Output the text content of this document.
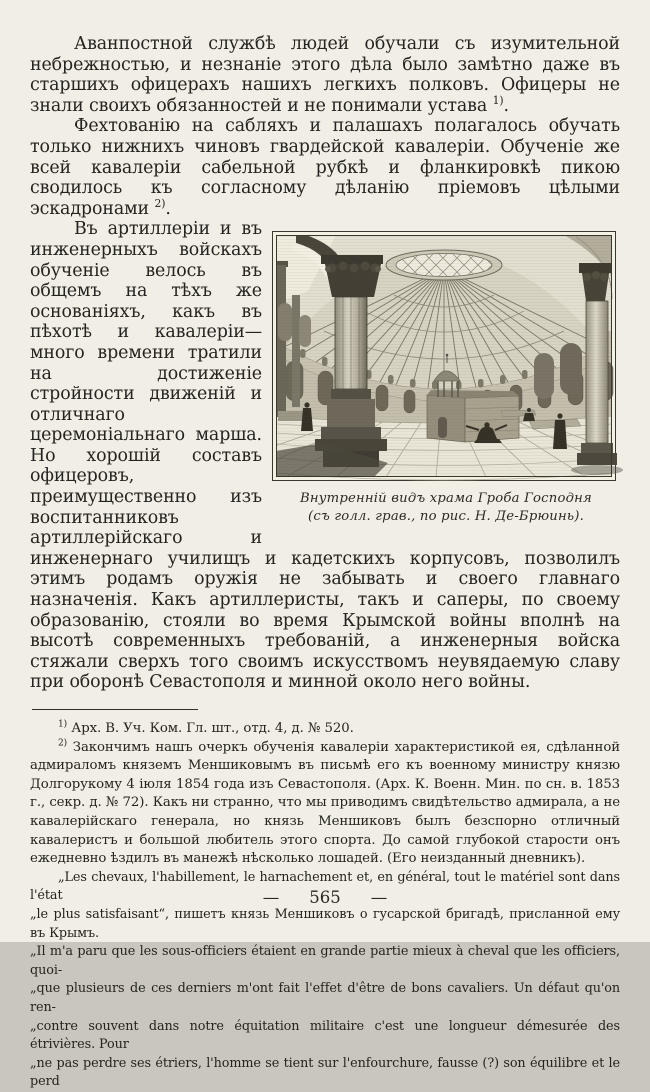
Аванпостной службѣ людей обучали съ изумительной небрежностью, и незнаніе этого дѣла было замѣтно даже въ старшихъ офицерахъ нашихъ легкихъ полковъ. Офицеры не знали своихъ обязанностей и не понимали устава $^{1)}$.

Фехтованію на сабляхъ и палашахъ полагалось обучать только нижнихъ чиновъ гвардейской кавалеріи. Обученіе же всей кавалеріи сабельной рубкѣ и фланкировкѣ пикою сводилось къ согласному дѣланію пріемовъ цѣлыми эскадронами $^{2)}$.

Внутренній видъ храма Гроба Господня
(съ голл. грав., по рис. Н. Де-Брюинь).

Въ артиллеріи и въ инженерныхъ войскахъ обученіе велось въ общемъ на тѣхъ же основаніяхъ, какъ въ пѣхотѣ и кавалеріи—много времени тратили на достиженіе стройности движеній и отличнаго церемоніальнаго марша. Но хорошій составъ офицеровъ, преимущественно изъ воспитанниковъ артиллерійскаго и инженернаго училищъ и кадетскихъ корпусовъ, позволилъ этимъ родамъ оружія не забывать и своего главнаго назначенія. Какъ артиллеристы, такъ и саперы, по своему образованію, стояли во время Крымской войны вполнѣ на высотѣ современныхъ требованій, а инженерныя войска стяжали сверхъ того своимъ искусствомъ неувядаемую славу при оборонѣ Севастополя и минной около него войны.

$^{1)}$ Арх. В. Уч. Ком. Гл. шт., отд. 4, д. № 520.

$^{2)}$ Закончимъ нашъ очеркъ обученія кавалеріи характеристикой ея, сдѣланной адмираломъ княземъ Меншиковымъ въ письмѣ его къ военному министру князю Долгорукому 4 іюля 1854 года изъ Севастополя. (Арх. К. Военн. Мин. по сн. в. 1853 г., секр. д. № 72). Какъ ни странно, что мы приводимъ свидѣтельство адмирала, а не кавалерійскаго генерала, но князь Меншиковъ былъ безспорно отличный кавалеристъ и большой любитель этого спорта. До самой глубокой старости онъ ежедневно ѣздилъ въ манежѣ нѣсколько лошадей. (Его неизданный дневникъ).

„Les chevaux, l'habillement, le harnachement et, en général, tout le matériel sont dans l'état
„le plus satisfaisant“, пишетъ князь Меншиковъ о гусарской бригадѣ, присланной ему въ Крымъ.
„Il m'a paru que les sous-officiers étaient en grande partie mieux à cheval que les officiers, quoi-
„que plusieurs de ces derniers m'ont fait l'effet d'être de bons cavaliers. Un défaut qu'on ren-
„contre souvent dans notre équitation militaire c'est une longueur démesurée des étrivières. Pour
„ne pas perdre ses étriers, l'homme se tient sur l'enfourchure, fausse (?) son équilibre et le perd

— 565 —
